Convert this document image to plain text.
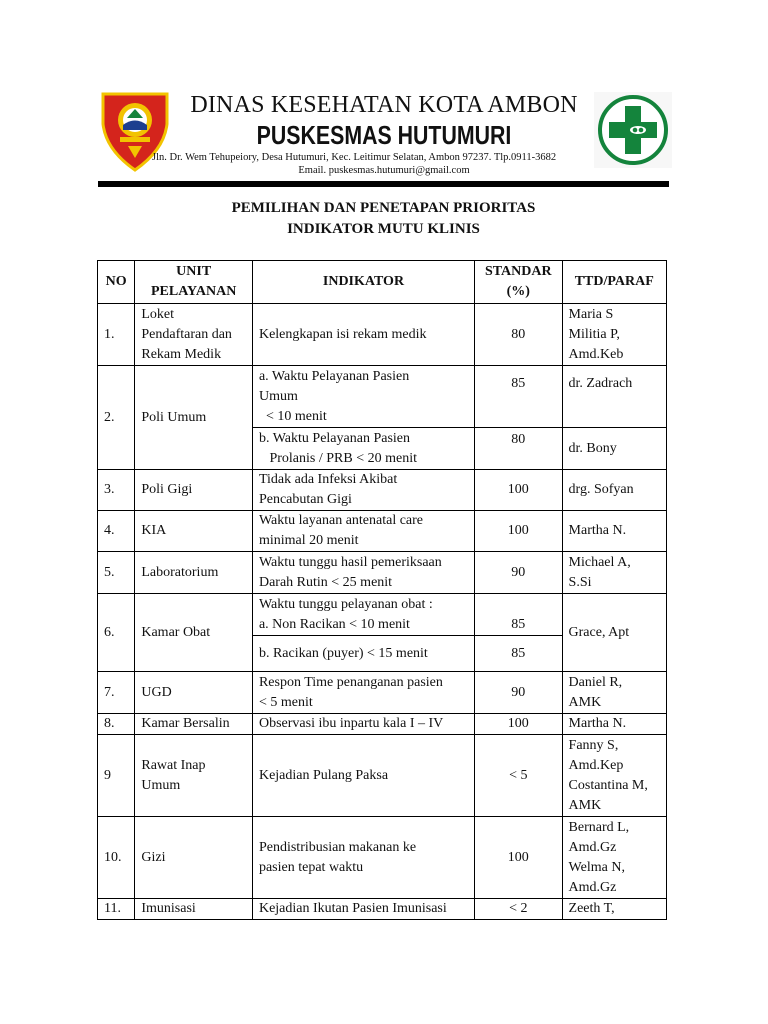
DINAS KESEHATAN KOTA AMBON
PUSKESMAS HUTUMURI
Jln. Dr. Wem Tehupeiory, Desa Hutumuri, Kec. Leitimur Selatan, Ambon 97237. Tlp.0911-3682
Email. puskesmas.hutumuri@gmail.com
PEMILIHAN DAN PENETAPAN PRIORITAS
INDIKATOR MUTU KLINIS
NO	UNIT
PELAYANAN	INDIKATOR	STANDAR
(%)	TTD/PARAF
1.	Loket
Pendaftaran dan
Rekam Medik	Kelengkapan isi rekam medik	80	Maria S
Militia P,
Amd.Keb

2.	Poli Umum	a. Waktu Pelayanan Pasien
Umum
< 10 menit	85	dr. Zadrach

		b. Waktu Pelayanan Pasien
Prolanis / PRB < 20 menit	80	dr. Bony
3.	Poli Gigi	Tidak ada Infeksi Akibat
Pencabutan Gigi	100	drg. Sofyan
4.	KIA	Waktu layanan antenatal care
minimal 20 menit	100	Martha N.
5.	Laboratorium	Waktu tunggu hasil pemeriksaan
Darah Rutin < 25 menit	90	Michael A,
S.Si

6.	Kamar Obat	Waktu tunggu pelayanan obat :
a. Non Racikan < 10 menit	85	Grace, Apt
		b. Racikan (puyer) < 15 menit	85	
7.	UGD	Respon Time penanganan pasien
< 5 menit	90	Daniel R,
AMK

8.	Kamar Bersalin	Observasi ibu inpartu kala I – IV	100	Martha N.
9	Rawat Inap
Umum	Kejadian Pulang Paksa	< 5	Fanny S,
Amd.Kep
Costantina M,
AMK

10.	Gizi	Pendistribusian makanan ke
pasien tepat waktu	100	Bernard L,
Amd.Gz
Welma N,
Amd.Gz

11.	Imunisasi	Kejadian Ikutan Pasien Imunisasi	< 2	Zeeth T,
